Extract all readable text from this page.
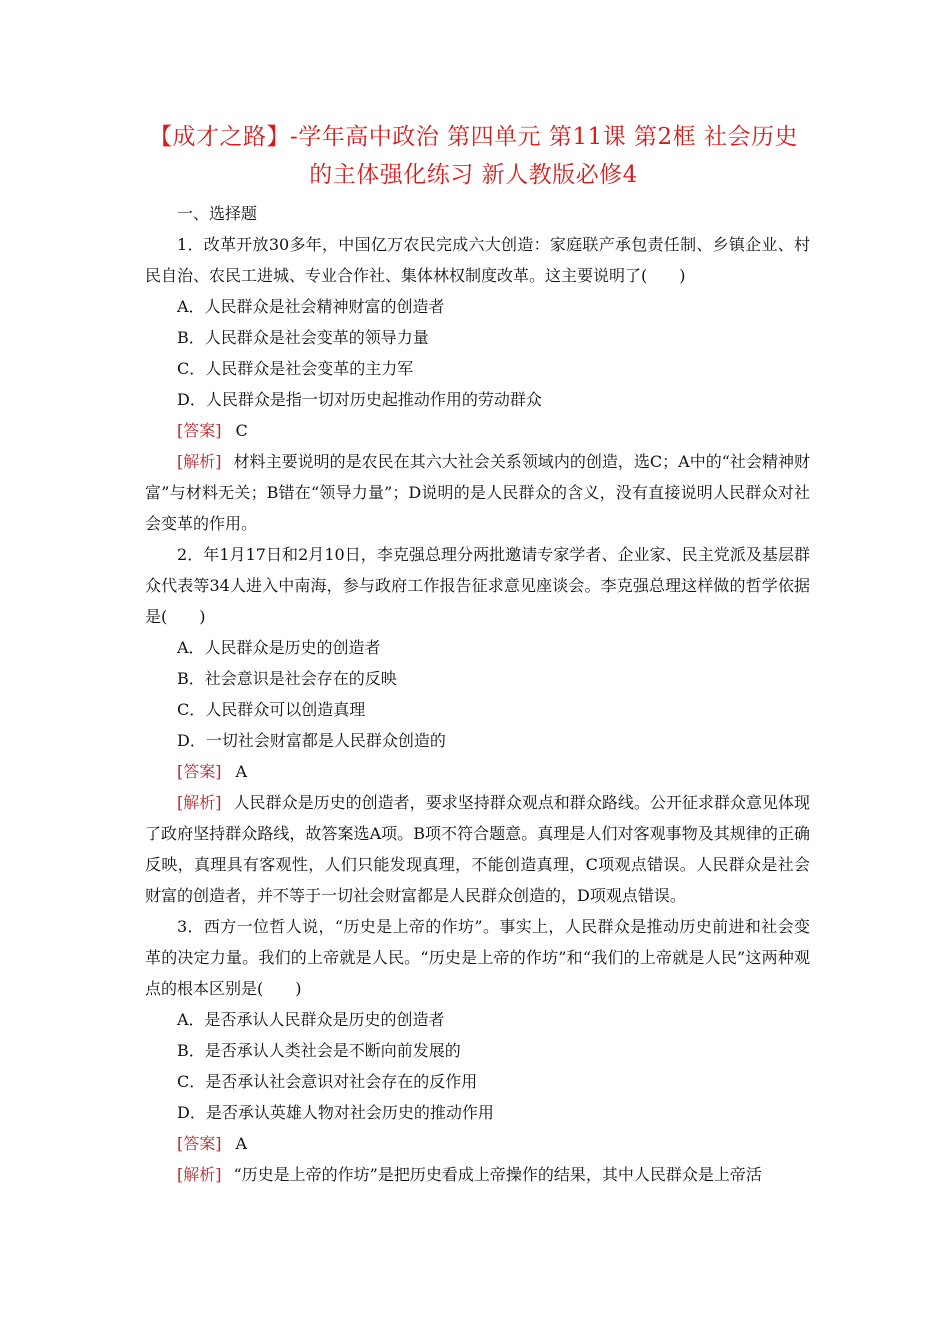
【成才之路】-学年高中政治 第四单元 第11课 第2框 社会历史
的主体强化练习 新人教版必修4
一、选择题

1．改革开放30多年，中国亿万农民完成六大创造：家庭联产承包责任制、乡镇企业、村民自治、农民工进城、专业合作社、集体林权制度改革。这主要说明了(　　)

A．人民群众是社会精神财富的创造者
B．人民群众是社会变革的领导力量
C．人民群众是社会变革的主力军
D．人民群众是指一切对历史起推动作用的劳动群众
[答案] C

[解析] 材料主要说明的是农民在其六大社会关系领域内的创造，选C；A中的“社会精神财富”与材料无关；B错在“领导力量”；D说明的是人民群众的含义，没有直接说明人民群众对社会变革的作用。

2．年1月17日和2月10日，李克强总理分两批邀请专家学者、企业家、民主党派及基层群众代表等34人进入中南海，参与政府工作报告征求意见座谈会。李克强总理这样做的哲学依据是(　　)

A．人民群众是历史的创造者
B．社会意识是社会存在的反映
C．人民群众可以创造真理
D．一切社会财富都是人民群众创造的
[答案] A

[解析] 人民群众是历史的创造者，要求坚持群众观点和群众路线。公开征求群众意见体现了政府坚持群众路线，故答案选A项。B项不符合题意。真理是人们对客观事物及其规律的正确反映，真理具有客观性，人们只能发现真理，不能创造真理，C项观点错误。人民群众是社会财富的创造者，并不等于一切社会财富都是人民群众创造的，D项观点错误。

3．西方一位哲人说，“历史是上帝的作坊”。事实上，人民群众是推动历史前进和社会变革的决定力量。我们的上帝就是人民。“历史是上帝的作坊”和“我们的上帝就是人民”这两种观点的根本区别是(　　)

A．是否承认人民群众是历史的创造者
B．是否承认人类社会是不断向前发展的
C．是否承认社会意识对社会存在的反作用
D．是否承认英雄人物对社会历史的推动作用
[答案] A

[解析] “历史是上帝的作坊”是把历史看成上帝操作的结果，其中人民群众是上帝活
